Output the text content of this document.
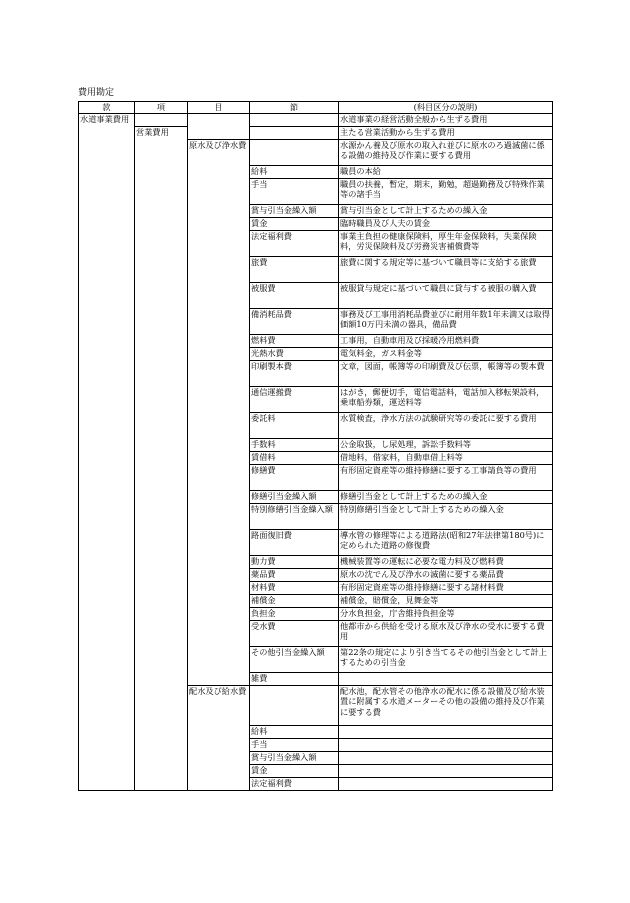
費用勘定
款	項	目	節	(科目区分の説明)
水道事業費用				水道事業の経営活動全般から生ずる費用
	営業費用			主たる営業活動から生ずる費用
		原水及び浄水費		水源かん養及び原水の取入れ並びに原水のろ過滅菌に係る設備の維持及び作業に要する費用
			給料	職員の本給
			手当	職員の扶養，暫定，期末，勤勉，超過勤務及び特殊作業等の諸手当
			賞与引当金繰入額	賞与引当金として計上するための繰入金
			賃金	臨時職員及び人夫の賃金
			法定福利費	事業主負担の健康保険料，厚生年金保険料，失業保険料，労災保険料及び労務災害補償費等
			旅費	旅費に関する規定等に基づいて職員等に支給する旅費
			被服費	被服貸与規定に基づいて職員に貸与する被服の購入費
			備消耗品費	事務及び工事用消耗品費並びに耐用年数1年未満又は取得価額10万円未満の器具，備品費
			燃料費	工事用，自動車用及び採暖冷用燃料費
			光熱水費	電気料金，ガス料金等
			印刷製本費	文章，図面，帳簿等の印刷費及び伝票，帳簿等の製本費
			通信運搬費	はがき，郵便切手，電信電話料，電話加入移転架設料，乗車船券類，運送料等
			委託料	水質検査，浄水方法の試験研究等の委託に要する費用
			手数料	公金取扱，し尿処理，訴訟手数料等
			賃借料	借地料，借家料，自動車借上料等
			修繕費	有形固定資産等の維持修繕に要する工事請負等の費用
			修繕引当金繰入額	修繕引当金として計上するための繰入金
			特別修繕引当金繰入額	特別修繕引当金として計上するための繰入金
			路面復旧費	導水管の修理等による道路法(昭和27年法律第180号)に定められた道路の修復費
			動力費	機械装置等の運転に必要な電力料及び燃料費
			薬品費	原水の沈でん及び浄水の滅菌に要する薬品費
			材料費	有形固定資産等の維持修繕に要する諸材料費
			補償金	補償金，賠償金，見舞金等
			負担金	分水負担金，庁舎維持負担金等
			受水費	他都市から供給を受ける原水及び浄水の受水に要する費用
			その他引当金繰入額	第22条の規定により引き当てるその他引当金として計上するための引当金
			雑費	
		配水及び給水費		配水池，配水管その他浄水の配水に係る設備及び給水装置に附属する水道メーターその他の設備の維持及び作業に要する費
			給料	
			手当	
			賞与引当金繰入額	
			賃金	
			法定福利費	
